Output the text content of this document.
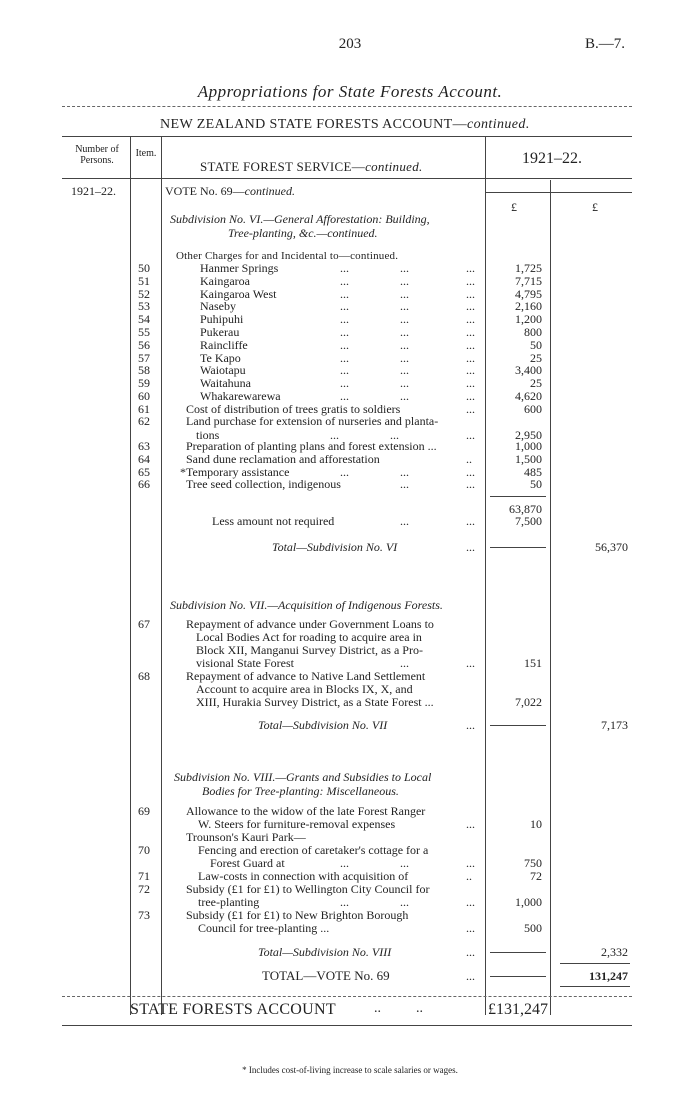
203	B.—7.
Appropriations for State Forests Account.
NEW ZEALAND STATE FORESTS ACCOUNT—continued.
Number of Persons.
Item.
STATE FOREST SERVICE—continued.	1921–22.
1921–22.	VOTE No. 69—continued.
£	£
Subdivision No. VI.—General Afforestation: Building,
Tree-planting, &c.—continued.
Other Charges for and Incidental to—continued.
50	Hanmer Springs	...	...	...	1,725
51	Kaingaroa	...	...	...	7,715
52	Kaingaroa West	...	...	...	4,795
53	Naseby	...	...	...	2,160
54	Puhipuhi	...	...	...	1,200
55	Pukerau	...	...	...	800
56	Raincliffe	...	...	...	50
57	Te Kapo	...	...	...	25
58	Waiotapu	...	...	...	3,400
59	Waitahuna	...	...	...	25
60	Whakarewarewa	...	...	...	4,620
61	Cost of distribution of trees gratis to soldiers	...	600
62	Land purchase for extension of nurseries and planta-
tions	...	...	...	2,950
63	Preparation of planting plans and forest extension ...	1,000
64	Sand dune reclamation and afforestation	..	1,500
65	*Temporary assistance	...	...	...	485
66	Tree seed collection, indigenous	...	...	50
63,870
Less amount not required	...	...	7,500
Total—Subdivision No. VI	...	56,370
Subdivision No. VII.—Acquisition of Indigenous Forests.
67	Repayment of advance under Government Loans to
Local Bodies Act for roading to acquire area in
Block XII, Manganui Survey District, as a Pro-
visional State Forest	...	...	151
68	Repayment of advance to Native Land Settlement
Account to acquire area in Blocks IX, X, and
XIII, Hurakia Survey District, as a State Forest ...	7,022
Total—Subdivision No. VII	...	7,173
Subdivision No. VIII.—Grants and Subsidies to Local
Bodies for Tree-planting: Miscellaneous.
69	Allowance to the widow of the late Forest Ranger
W. Steers for furniture-removal expenses	...	10
Trounson's Kauri Park—
70	Fencing and erection of caretaker's cottage for a
Forest Guard at	...	...	...	750
71	Law-costs in connection with acquisition of	..	72
72	Subsidy (£1 for £1) to Wellington City Council for
tree-planting	...	...	...	1,000
73	Subsidy (£1 for £1) to New Brighton Borough
Council for tree-planting ...	...	500
Total—Subdivision No. VIII	...	2,332
TOTAL—VOTE No. 69	...	131,247
STATE FORESTS ACCOUNT	..          ..	£131,247
* Includes cost-of-living increase to scale salaries or wages.
